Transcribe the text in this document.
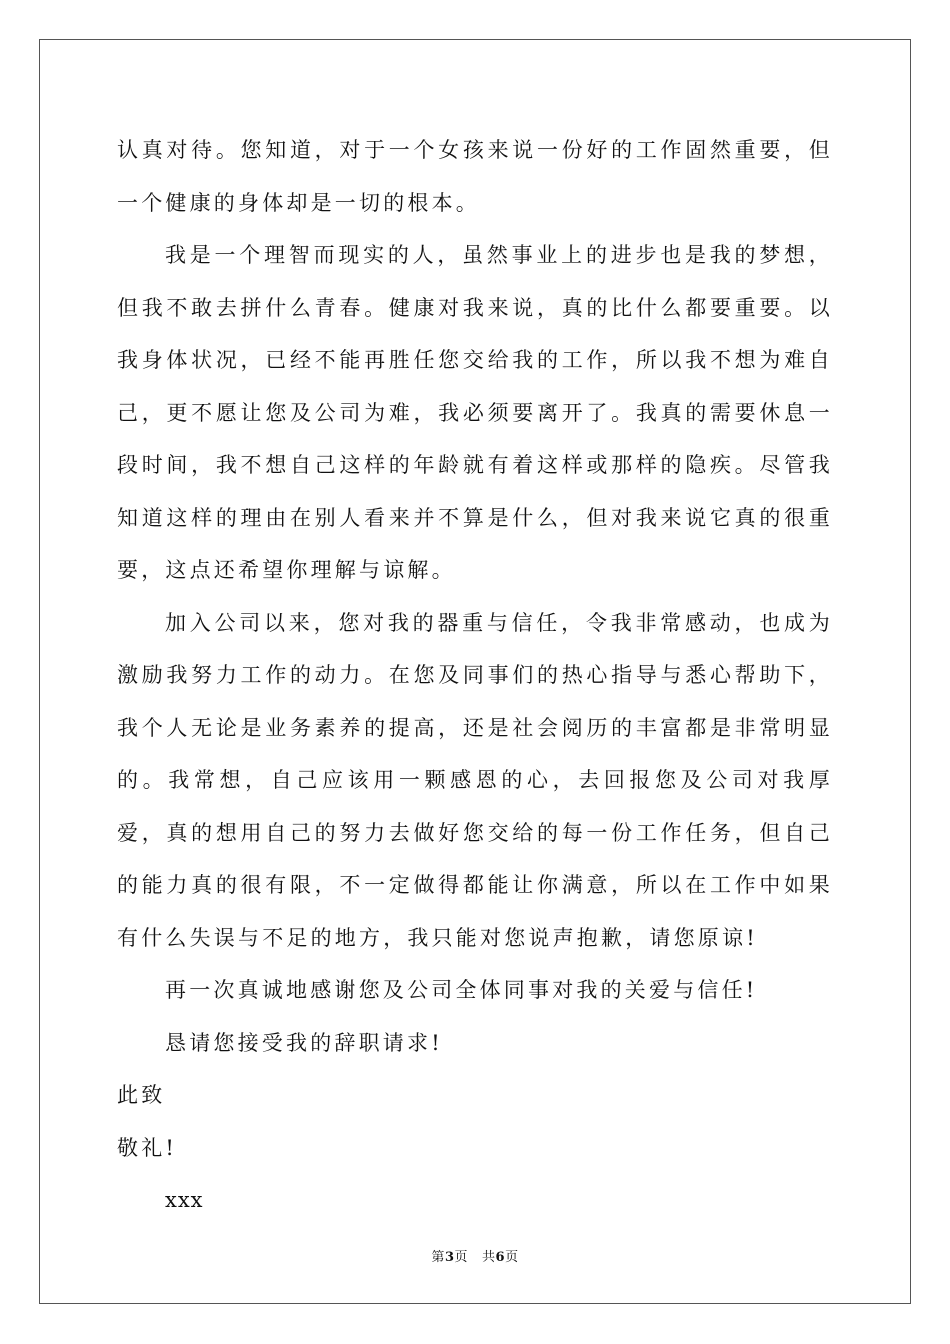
认真对待。您知道，对于一个女孩来说一份好的工作固然重要，但一个健康的身体却是一切的根本。

我是一个理智而现实的人，虽然事业上的进步也是我的梦想，但我不敢去拼什么青春。健康对我来说，真的比什么都要重要。以我身体状况，已经不能再胜任您交给我的工作，所以我不想为难自己，更不愿让您及公司为难，我必须要离开了。我真的需要休息一段时间，我不想自己这样的年龄就有着这样或那样的隐疾。尽管我知道这样的理由在别人看来并不算是什么，但对我来说它真的很重要，这点还希望你理解与谅解。

加入公司以来，您对我的器重与信任，令我非常感动，也成为激励我努力工作的动力。在您及同事们的热心指导与悉心帮助下，我个人无论是业务素养的提高，还是社会阅历的丰富都是非常明显的。我常想，自己应该用一颗感恩的心，去回报您及公司对我厚爱，真的想用自己的努力去做好您交给的每一份工作任务，但自己的能力真的很有限，不一定做得都能让你满意，所以在工作中如果有什么失误与不足的地方，我只能对您说声抱歉，请您原谅!

再一次真诚地感谢您及公司全体同事对我的关爱与信任!

恳请您接受我的辞职请求!

此致

敬礼!

xxx

第3页 共6页
